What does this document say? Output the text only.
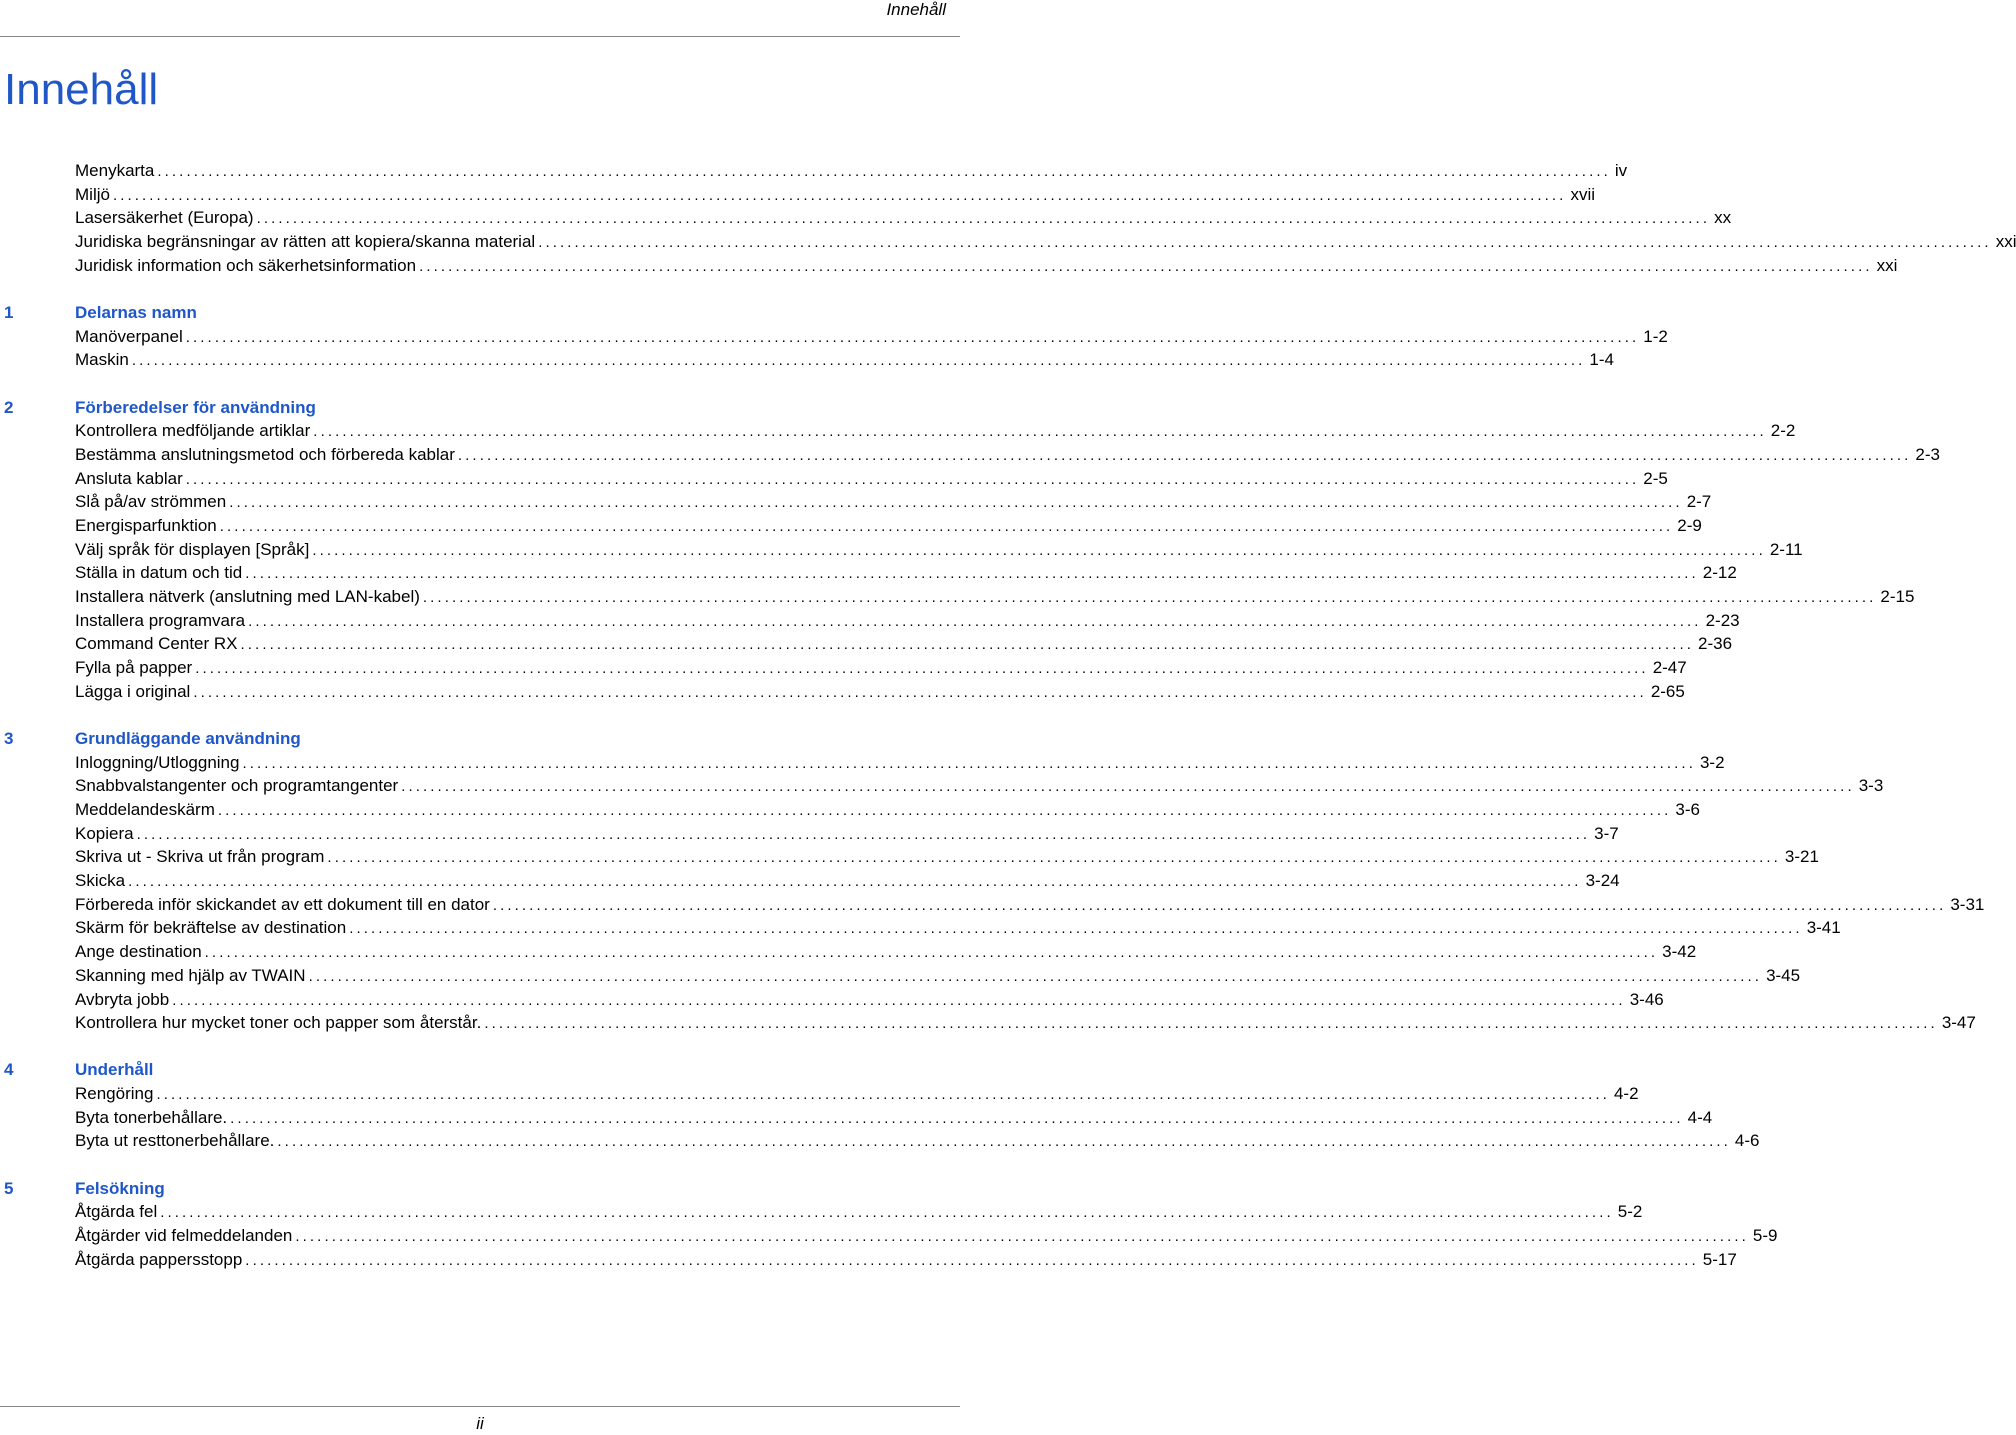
Innehåll
Innehåll
Menykarta ........................................................................................................................................................................................................ iv
Miljö ........................................................................................................................................................................................................ xvii
Lasersäkerhet (Europa) ........................................................................................................................................................................................................ xx
Juridiska begränsningar av rätten att kopiera/skanna material ........................................................................................................................................................................................................ xxi
Juridisk information och säkerhetsinformation ........................................................................................................................................................................................................ xxi
1	Delarnas namn
Manöverpanel ........................................................................................................................................................................................................ 1-2
Maskin ........................................................................................................................................................................................................ 1-4
2	Förberedelser för användning
Kontrollera medföljande artiklar ........................................................................................................................................................................................................ 2-2
Bestämma anslutningsmetod och förbereda kablar ........................................................................................................................................................................................................ 2-3
Ansluta kablar ........................................................................................................................................................................................................ 2-5
Slå på/av strömmen ........................................................................................................................................................................................................ 2-7
Energisparfunktion ........................................................................................................................................................................................................ 2-9
Välj språk för displayen [Språk] ........................................................................................................................................................................................................ 2-11
Ställa in datum och tid ........................................................................................................................................................................................................ 2-12
Installera nätverk (anslutning med LAN-kabel) ........................................................................................................................................................................................................ 2-15
Installera programvara ........................................................................................................................................................................................................ 2-23
Command Center RX ........................................................................................................................................................................................................ 2-36
Fylla på papper ........................................................................................................................................................................................................ 2-47
Lägga i original ........................................................................................................................................................................................................ 2-65
3	Grundläggande användning
Inloggning/Utloggning ........................................................................................................................................................................................................ 3-2
Snabbvalstangenter och programtangenter ........................................................................................................................................................................................................ 3-3
Meddelandeskärm ........................................................................................................................................................................................................ 3-6
Kopiera ........................................................................................................................................................................................................ 3-7
Skriva ut - Skriva ut från program ........................................................................................................................................................................................................ 3-21
Skicka ........................................................................................................................................................................................................ 3-24
Förbereda inför skickandet av ett dokument till en dator ........................................................................................................................................................................................................ 3-31
Skärm för bekräftelse av destination ........................................................................................................................................................................................................ 3-41
Ange destination ........................................................................................................................................................................................................ 3-42
Skanning med hjälp av TWAIN ........................................................................................................................................................................................................ 3-45
Avbryta jobb ........................................................................................................................................................................................................ 3-46
Kontrollera hur mycket toner och papper som återstår. ........................................................................................................................................................................................................ 3-47
4	Underhåll
Rengöring ........................................................................................................................................................................................................ 4-2
Byta tonerbehållare. ........................................................................................................................................................................................................ 4-4
Byta ut resttonerbehållare. ........................................................................................................................................................................................................ 4-6
5	Felsökning
Åtgärda fel ........................................................................................................................................................................................................ 5-2
Åtgärder vid felmeddelanden ........................................................................................................................................................................................................ 5-9
Åtgärda pappersstopp ........................................................................................................................................................................................................ 5-17
ii
